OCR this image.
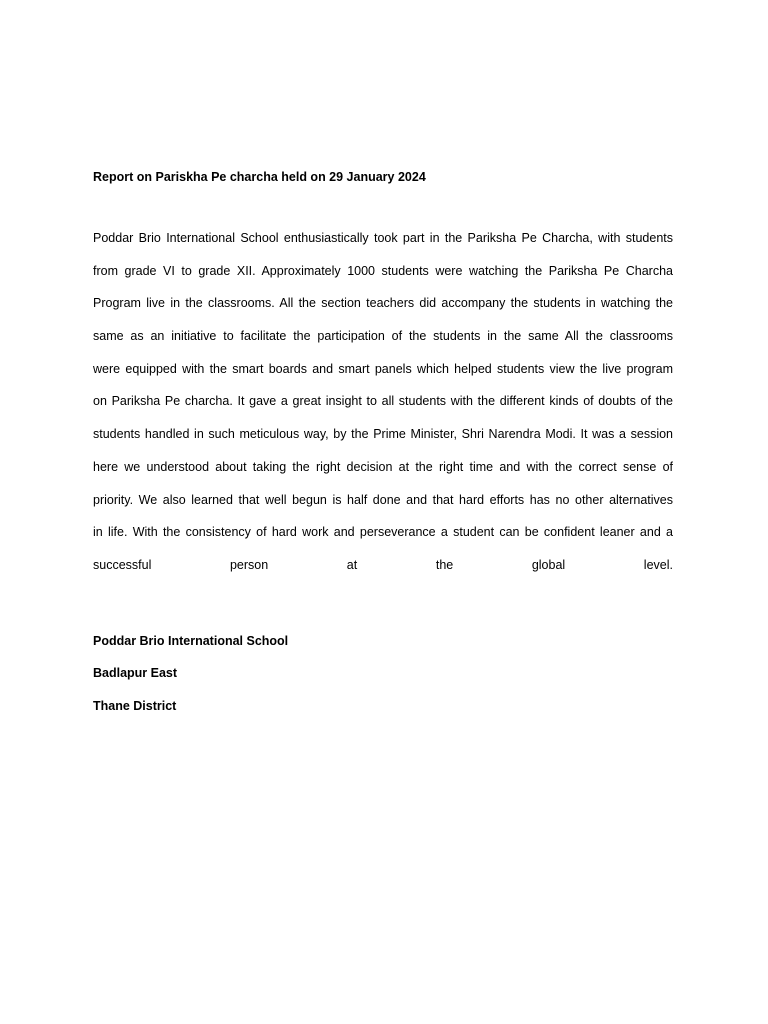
Report on Pariskha Pe charcha held on 29 January 2024
Poddar Brio International School enthusiastically took part in the Pariksha Pe Charcha, with students
from grade VI to grade XII. Approximately 1000 students were watching the Pariksha Pe Charcha
Program live in the classrooms. All the section teachers did accompany the students in watching the
same as an initiative to facilitate the participation of the students in the same All the classrooms
were equipped with the smart boards and smart panels which helped students view the live program
on Pariksha Pe charcha. It gave a great insight to all students with the different kinds of doubts of the
students handled in such meticulous way, by the Prime Minister, Shri Narendra Modi. It was a session
here we understood about taking the right decision at the right time and with the correct sense of
priority. We also learned that well begun is half done and that hard efforts has no other alternatives
in life. With the consistency of hard work and perseverance a student can be confident leaner and a
successful person at the global level.
Poddar Brio International School
Badlapur East
Thane District
